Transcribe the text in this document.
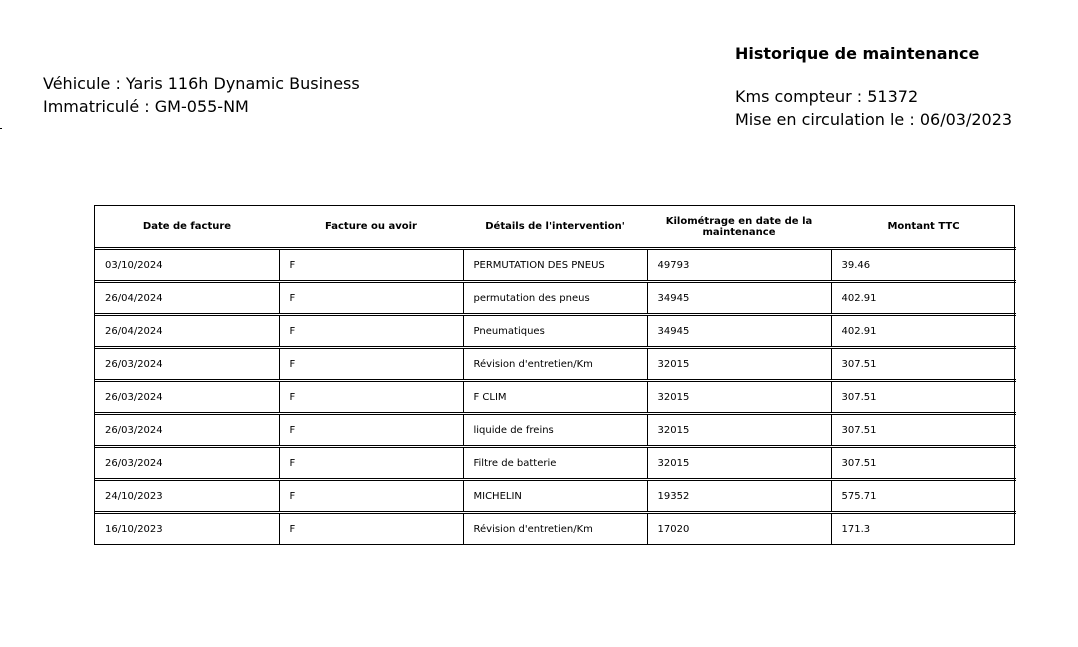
Véhicule : Yaris 116h Dynamic Business
Immatriculé : GM-055-NM
Historique de maintenance
Kms compteur : 51372
Mise en circulation le : 06/03/2023
Date de facture	Facture ou avoir	Détails de l'intervention'	Kilométrage en date de la maintenance	Montant TTC
03/10/2024	F	PERMUTATION DES PNEUS	49793	39.46
26/04/2024	F	permutation des pneus	34945	402.91
26/04/2024	F	Pneumatiques	34945	402.91
26/03/2024	F	Révision d'entretien/Km	32015	307.51
26/03/2024	F	F CLIM	32015	307.51
26/03/2024	F	liquide de freins	32015	307.51
26/03/2024	F	Filtre de batterie	32015	307.51
24/10/2023	F	MICHELIN	19352	575.71
16/10/2023	F	Révision d'entretien/Km	17020	171.3
